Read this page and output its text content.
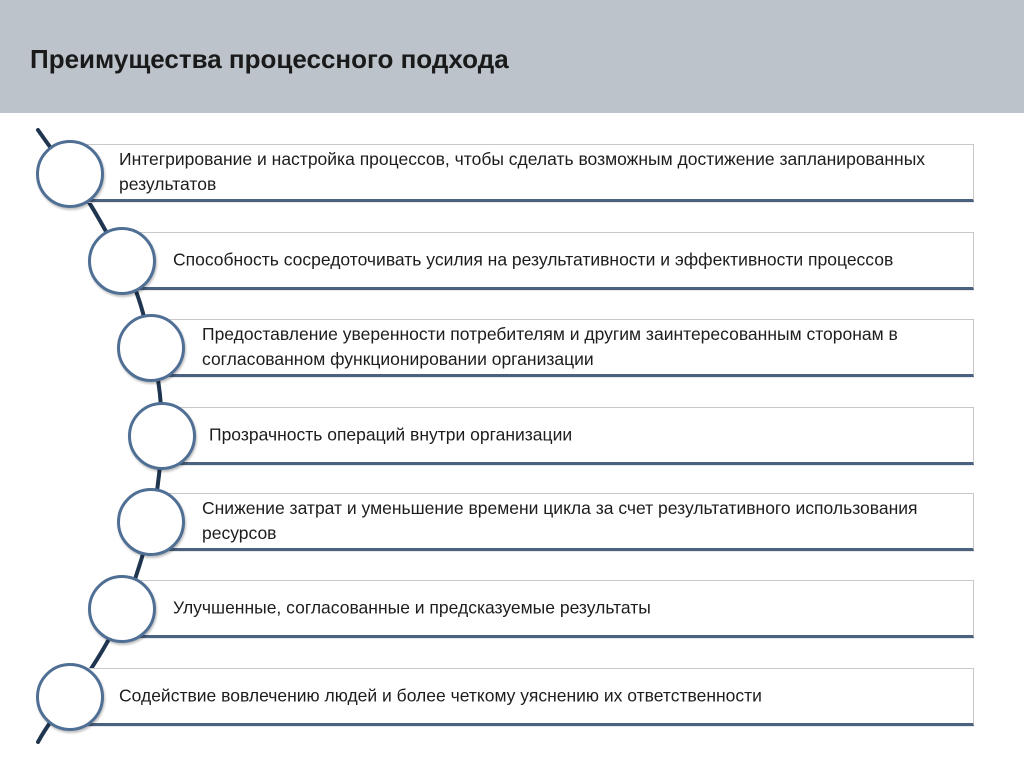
Преимущества процессного подхода
Интегрирование и настройка процессов, чтобы сделать возможным достижение запланированных результатов
Способность сосредоточивать усилия на результативности и эффективности процессов
Предоставление уверенности потребителям и другим заинтересованным сторонам в согласованном функционировании организации
Прозрачность операций внутри организации
Снижение затрат и уменьшение времени цикла за счет результативного использования ресурсов
Улучшенные, согласованные и предсказуемые результаты
Содействие вовлечению людей и более четкому уяснению их ответственности
